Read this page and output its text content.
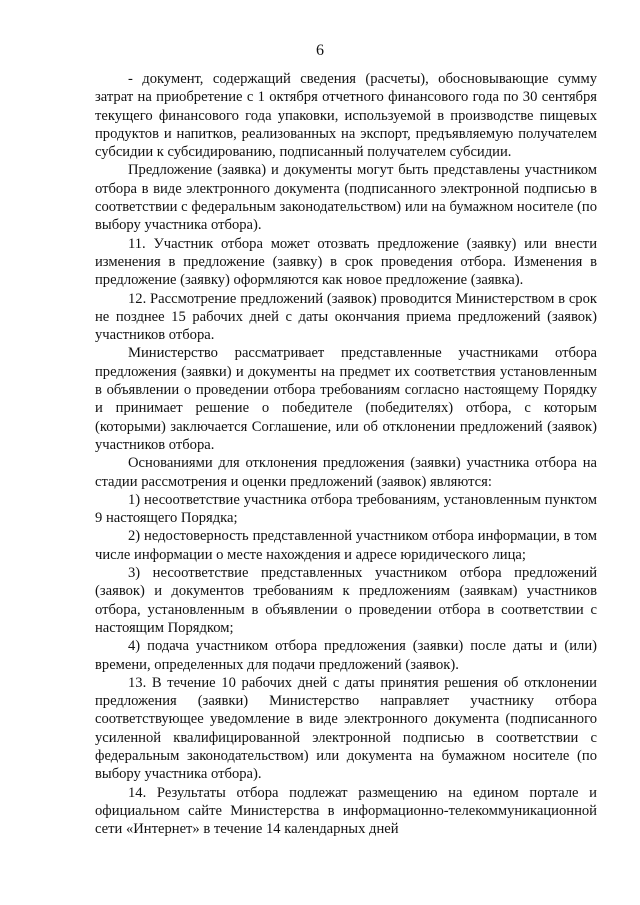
6

- документ, содержащий сведения (расчеты), обосновывающие сумму затрат на приобретение с 1 октября отчетного финансового года по 30 сентября текущего финансового года упаковки, используемой в производстве пищевых продуктов и напитков, реализованных на экспорт, предъявляемую получателем субсидии к субсидированию, подписанный получателем субсидии.

Предложение (заявка) и документы могут быть представлены участником отбора в виде электронного документа (подписанного электронной подписью в соответствии с федеральным законодательством) или на бумажном носителе (по выбору участника отбора).

11. Участник отбора может отозвать предложение (заявку) или внести изменения в предложение (заявку) в срок проведения отбора. Изменения в предложение (заявку) оформляются как новое предложение (заявка).

12. Рассмотрение предложений (заявок) проводится Министерством в срок не позднее 15 рабочих дней с даты окончания приема предложений (заявок) участников отбора.

Министерство рассматривает представленные участниками отбора предложения (заявки) и документы на предмет их соответствия установленным в объявлении о проведении отбора требованиям согласно настоящему Порядку и принимает решение о победителе (победителях) отбора, с которым (которыми) заключается Соглашение, или об отклонении предложений (заявок) участников отбора.

Основаниями для отклонения предложения (заявки) участника отбора на стадии рассмотрения и оценки предложений (заявок) являются:

1) несоответствие участника отбора требованиям, установленным пунктом 9 настоящего Порядка;

2) недостоверность представленной участником отбора информации, в том числе информации о месте нахождения и адресе юридического лица;

3) несоответствие представленных участником отбора предложений (заявок) и документов требованиям к предложениям (заявкам) участников отбора, установленным в объявлении о проведении отбора в соответствии с настоящим Порядком;

4) подача участником отбора предложения (заявки) после даты и (или) времени, определенных для подачи предложений (заявок).

13. В течение 10 рабочих дней с даты принятия решения об отклонении предложения (заявки) Министерство направляет участнику отбора соответствующее уведомление в виде электронного документа (подписанного усиленной квалифицированной электронной подписью в соответствии с федеральным законодательством) или документа на бумажном носителе (по выбору участника отбора).

14. Результаты отбора подлежат размещению на едином портале и официальном сайте Министерства в информационно-телекоммуникационной сети «Интернет» в течение 14 календарных дней
